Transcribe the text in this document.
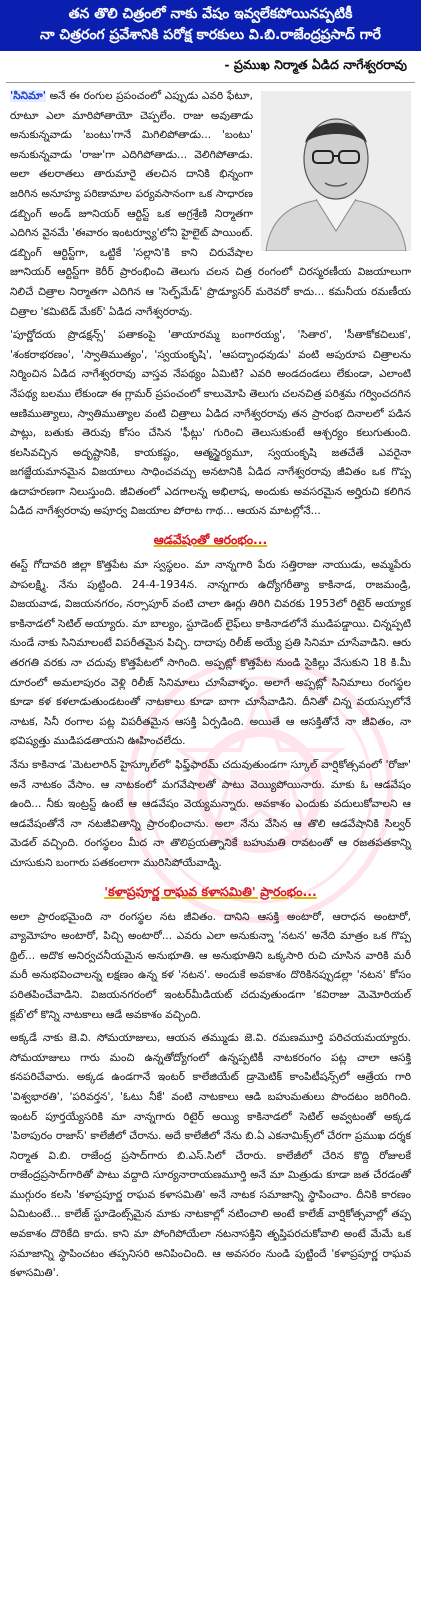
తన తొలి చిత్రంలో నాకు వేషం ఇవ్వలేకపోయినప్పటికీ
నా చిత్రరంగ ప్రవేశానికి పరోక్ష కారకులు వి.బి.రాజేంద్రప్రసాద్ గారే
- ప్రముఖ నిర్మాత ఏడిద నాగేశ్వరరావు

'సినిమా' అనే ఈ రంగుల ప్రపంచంలో ఎప్పుడు ఎవరి ఫేటూ, రూటూ ఎలా మారిపోతాయో చెప్పలేం. రాజు అవుతాడు అనుకున్నవాడు 'బంటు'గానే మిగిలిపోతాడు... 'బంటు' అనుకున్నవాడు 'రాజు'గా ఎదిగిపోతాడు... వెలిగిపోతాడు. అలా తలరాతలు తారుమారై తలచిన దానికి భిన్నంగా జరిగిన అనూహ్య పరిణామాల పర్యవసానంగా ఒక సాధారణ డబ్బింగ్ అండ్ జూనియర్ ఆర్టిస్ట్ ఒక అగ్రశ్రేణి నిర్మాతగా ఎదిగిన వైనమే 'ఈవారం ఇంటర్వ్యూ'లోని హైలైట్ పాయింట్. డబ్బింగ్ ఆర్టిస్ట్‌గా, ఒట్టికే 'సల్లాని'కి కాని చిరువేషాల జూనియర్ ఆర్టిస్ట్‌గా కెరీర్ ప్రారంభించి తెలుగు చలన చిత్ర రంగంలో చిరస్మరణీయ విజయాలుగా నిలిచే చిత్రాల నిర్మాతగా ఎదిగిన ఆ 'సెల్ఫ్‌మేడ్' ప్రొడ్యూసర్ మరెవరో కాదు... కమనీయ రమణీయ చిత్రాల 'కమిటెడ్ మేకర్' ఏడిద నాగేశ్వరరావు.

'పూర్ణోదయ ప్రొడక్షన్స్' పతాకంపై 'తాయారమ్మ బంగారయ్య', 'సితార', 'సీతాకోకచిలుక', 'శంకరాభరణం', 'స్వాతిముత్యం', 'స్వయంకృషి', 'ఆపద్బాంధవుడు' వంటి అపురూప చిత్రాలను నిర్మించిన ఏడిద నాగేశ్వరరావు వాస్తవ నేపథ్యం ఏమిటి? ఎవరి అండదండలు లేకుండా, ఎలాంటి నేపథ్య బలము లేకుండా ఈ గ్లామర్ ప్రపంచంలో కాలుమోపి తెలుగు చలనచిత్ర పరిశ్రమ గర్వించదగిన ఆణిముత్యాలు, స్వాతిముత్యాల వంటి చిత్రాలు ఏడిద నాగేశ్వరరావు తన ప్రారంభ దినాలలో పడిన పాట్లు, బతుకు తెరువు కోసం చేసిన 'ఫీట్లు' గురించి తెలుసుకుంటే ఆశ్చర్యం కలుగుతుంది. కలసివచ్చిన అదృష్టానికి, కాయకష్టం, ఆత్మస్థైర్యమూ, స్వయంకృషి జతచేతే ఎవరైనా జగజ్జేయమానమైన విజయాలు సాధించవచ్చు అనటానికి ఏడిద నాగేశ్వరరావు జీవితం ఒక గొప్ప ఉదాహరణగా నిలుస్తుంది. జీవితంలో ఎదగాలన్న అభిలాష, అందుకు అవసరమైన అర్హిరుచి కలిగిన ఏడిద నాగేశ్వరరావు అపూర్వ విజయాల పోరాట గాథ... ఆయన మాటల్లోనే...

ఆడవేషంతో ఆరంభం...

ఈస్ట్ గోదావరి జిల్లా కొత్తపేట మా స్వస్థలం. మా నాన్నగారి పేరు సత్తిరాజు నాయుడు, అమ్మపేరు పాపలక్ష్మి. నేను పుట్టింది. 24-4-1934న. నాన్నగారు ఉద్యోగరీత్యా కాకినాడ, రాజమండ్రి, విజయవాడ, విజయనగరం, నర్సాపూర్ వంటి చాలా ఊర్లు తిరిగి చివరకు 1953లో రిటైర్ అయ్యాక కాకినాడలో సెటిల్ అయ్యారు. మా బాల్యం, స్టూడెంట్ లైఫ్‌లు కాకినాడలోనే ముడిపడ్డాయి. చిన్నప్పటి నుండే నాకు సినిమాలంటే విపరీతమైన పిచ్చి. దాదాపు రిలీజ్ అయ్యే ప్రతి సినిమా చూసేవాడిని. ఆరు తరగతి వరకు నా చదువు కొత్తపేటలో సాగింది. అప్పట్లో కొత్తపేట నుండి సైకిల్లు వేసుకుని 18 కి.మీ దూరంలో అమలాపురం వెళ్లి రిలీజ్ సినిమాలు చూసేవాళ్ళం. అలాగే అప్పట్లో సినిమాలు రంగస్థల కూడా కళ కళలాడుతుండటంతో నాటకాలు కూడా బాగా చూసేవాడిని. దీనితో చిన్న వయస్సులోనే నాటక, సినీ రంగాల పట్ల విపరీతమైన ఆసక్తి ఏర్పడింది. అయితే ఆ ఆసక్తితోనే నా జీవితం, నా భవిష్యత్తు ముడిపడతాయని ఊహించలేదు.

నేను కాకినాడ 'మెటలారిన్ హైస్కూల్‌లో' ఫిఫ్త్‌ఫారమ్ చదువుతుండగా స్కూల్ వార్షికోత్సవంలో 'రోజా' అనే నాటకం వేసాం. ఆ నాటకంలో మగవేషాలతో పాటు వెయ్యిపోయినారు. మాకు ఓ ఆడవేషం ఉంది... నీకు ఇంట్రస్ట్ ఉంటే ఆ ఆడవేషం వెయ్యమన్నారు. అవకాశం ఎందుకు వదులుకోవాలని ఆ ఆడవేషంతోనే నా నటజీవితాన్ని ప్రారంభించాను. అలా నేను వేసిన ఆ తొలి ఆడవేషానికి సిల్వర్ మెడల్ వచ్చింది. రంగస్థలం మీద నా తొలిప్రయత్నానికే బహుమతి రావటంతో ఆ రజతపతకాన్ని చూసుకుని బంగారు పతకంలాగా మురిసిపోయేవాడ్ని.

'కళాప్రపూర్ణ రాఘవ కళాసమితి' ప్రారంభం...

అలా ప్రారంభమైంది నా రంగస్థల నట జీవితం. దానిని ఆసక్తి అంటారో, ఆరాధన అంటారో, వ్యామోహం అంటారో, పిచ్చి అంటారో... ఎవరు ఎలా అనుకున్నా 'నటన' అనేది మాత్రం ఒక గొప్ప థ్రిల్... అదొక అనిర్వచనీయమైన అనుభూతి. ఆ అనుభూతిని ఒక్కసారి రుచి చూసిన వారికి మరీ మరీ అనుభవించాలన్న లక్షణం ఉన్న కళ 'నటన'. అందుకే అవకాశం దొరికినప్పుడల్లా 'నటన' కోసం పరితపించేవాడిని. విజయనగరంలో ఇంటర్‌మీడియట్ చదువుతుండగా 'కవిరాజు మెమోరియల్ క్లబ్'లో కొన్ని నాటకాలు ఆడే అవకాశం వచ్చింది.

అక్కడే నాకు జె.వి. సోమయాజులు, ఆయన తమ్ముడు జె.వి. రమణమూర్తి పరిచయమయ్యారు. సోమయాజులు గారు మంచి ఉన్నతోద్యోగంలో ఉన్నప్పటికీ నాటకరంగం పట్ల చాలా ఆసక్తి కనపరిచేవారు. అక్కడ ఉండగానే ఇంటర్ కాలేజియేట్ డ్రామెటిక్ కాంపిటీషన్స్‌లో ఆత్రేయ గారి 'విశ్వభారతి', 'పరివర్తన', 'ఓటు నీకే' వంటి నాటకాలు ఆడి బహుమతులు పొందటం జరిగింది. ఇంటర్ పూర్తయ్యేసరికి మా నాన్నగారు రిటైర్ అయ్యి కాకినాడలో సెటిల్ అవ్వటంతో అక్కడ 'పిఠాపురం రాజాస్' కాలేజీలో చేరాను. అదే కాలేజీలో నేను బి.ఏ ఎకనామిక్స్‌లో చేరగా ప్రముఖ దర్శక నిర్మాత వి.బి. రాజేంద్ర ప్రసాద్‌గారు బి.ఎస్.సిలో చేరారు. కాలేజీలో చేరిన కొద్ది రోజులకే రాజేంద్రప్రసాద్‌గారితో పాటు వద్దాది సూర్యనారాయణమూర్తి అనే మా మిత్రుడు కూడా జత చేరడంతో ముగ్గురం కలసి 'కళాప్రపూర్ణ రాఘవ కళాసమితి' అనే నాటక సమాజాన్ని స్థాపించాం. దీనికి కారణం ఏమిటంటే... కాలేజ్ స్టూడెంట్స్‌మైన మాకు నాటకాల్లో నటించాలి అంటే కాలేజ్ వార్షికోత్సవాల్లో తప్ప అవకాశం దొరికేది కాదు. కాని మా పోంగిపోయేలా నటనాసక్తిని తృప్తిపరచుకోవాలి అంటే మేమే ఒక సమాజాన్ని స్థాపించటం తప్పనిసరి అనిపించింది. ఆ అవసరం నుండి పుట్టిందే 'కళాప్రపూర్ణ రాఘవ కళాసమితి'.
